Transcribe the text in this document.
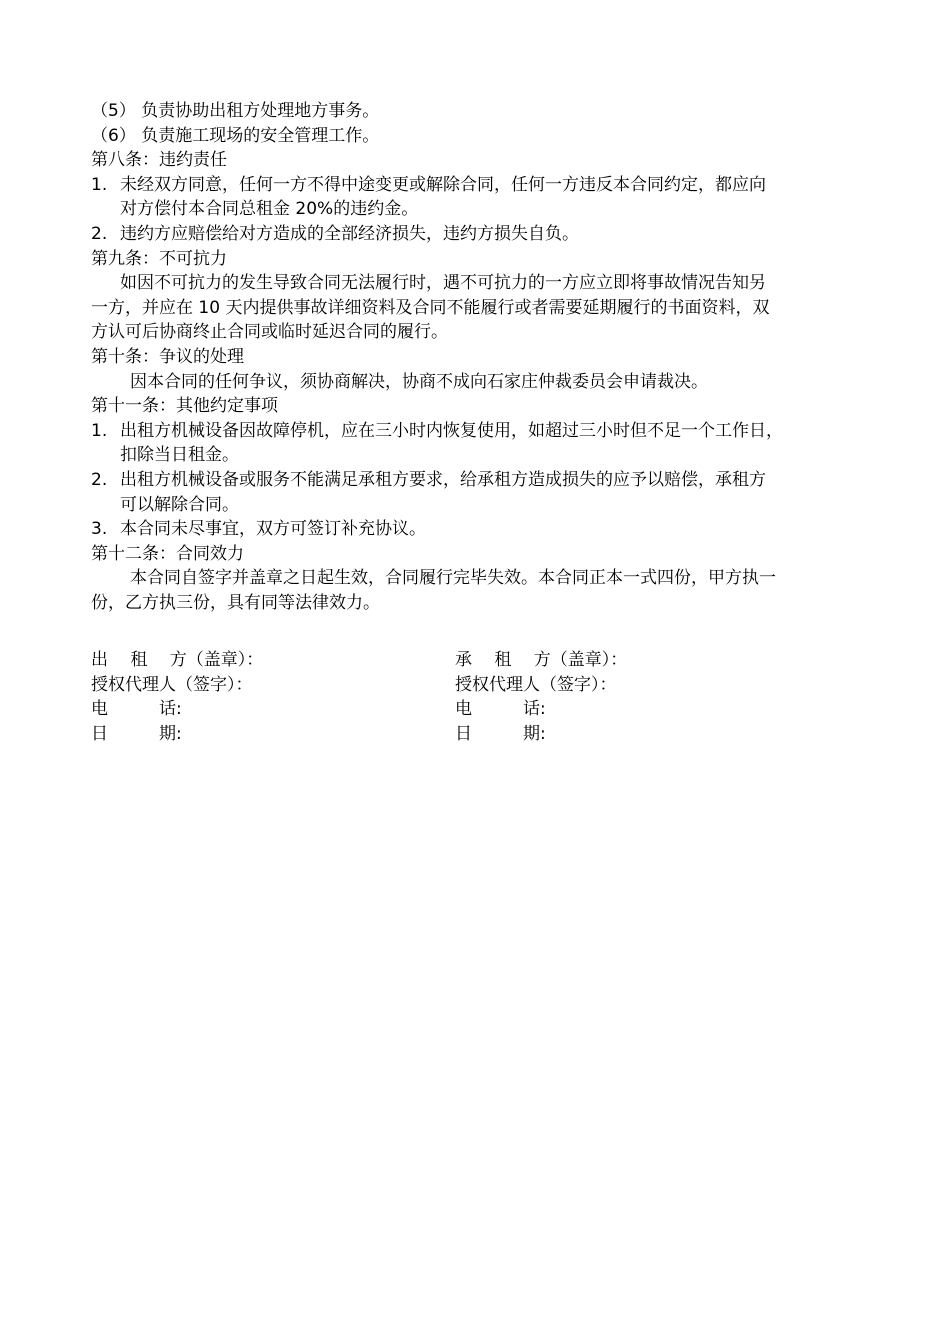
（5） 负责协助出租方处理地方事务。
（6） 负责施工现场的安全管理工作。
第八条：违约责任
1. 未经双方同意，任何一方不得中途变更或解除合同，任何一方违反本合同约定，都应向
对方偿付本合同总租金 20%的违约金。
2. 违约方应赔偿给对方造成的全部经济损失，违约方损失自负。
第九条：不可抗力
如因不可抗力的发生导致合同无法履行时，遇不可抗力的一方应立即将事故情况告知另
一方，并应在 10 天内提供事故详细资料及合同不能履行或者需要延期履行的书面资料，双
方认可后协商终止合同或临时延迟合同的履行。
第十条：争议的处理
因本合同的任何争议，须协商解决，协商不成向石家庄仲裁委员会申请裁决。
第十一条：其他约定事项
1. 出租方机械设备因故障停机，应在三小时内恢复使用，如超过三小时但不足一个工作日，
扣除当日租金。
2. 出租方机械设备或服务不能满足承租方要求，给承租方造成损失的应予以赔偿，承租方
可以解除合同。
3. 本合同未尽事宜，双方可签订补充协议。
第十二条：合同效力
本合同自签字并盖章之日起生效，合同履行完毕失效。本合同正本一式四份，甲方执一
份，乙方执三份，具有同等法律效力。
出　 租　 方（盖章）：	承　 租　 方（盖章）：
授权代理人（签字）：	授权代理人（签字）：
电　　　话:	电　　　话:
日　　　期:	日　　　期:
